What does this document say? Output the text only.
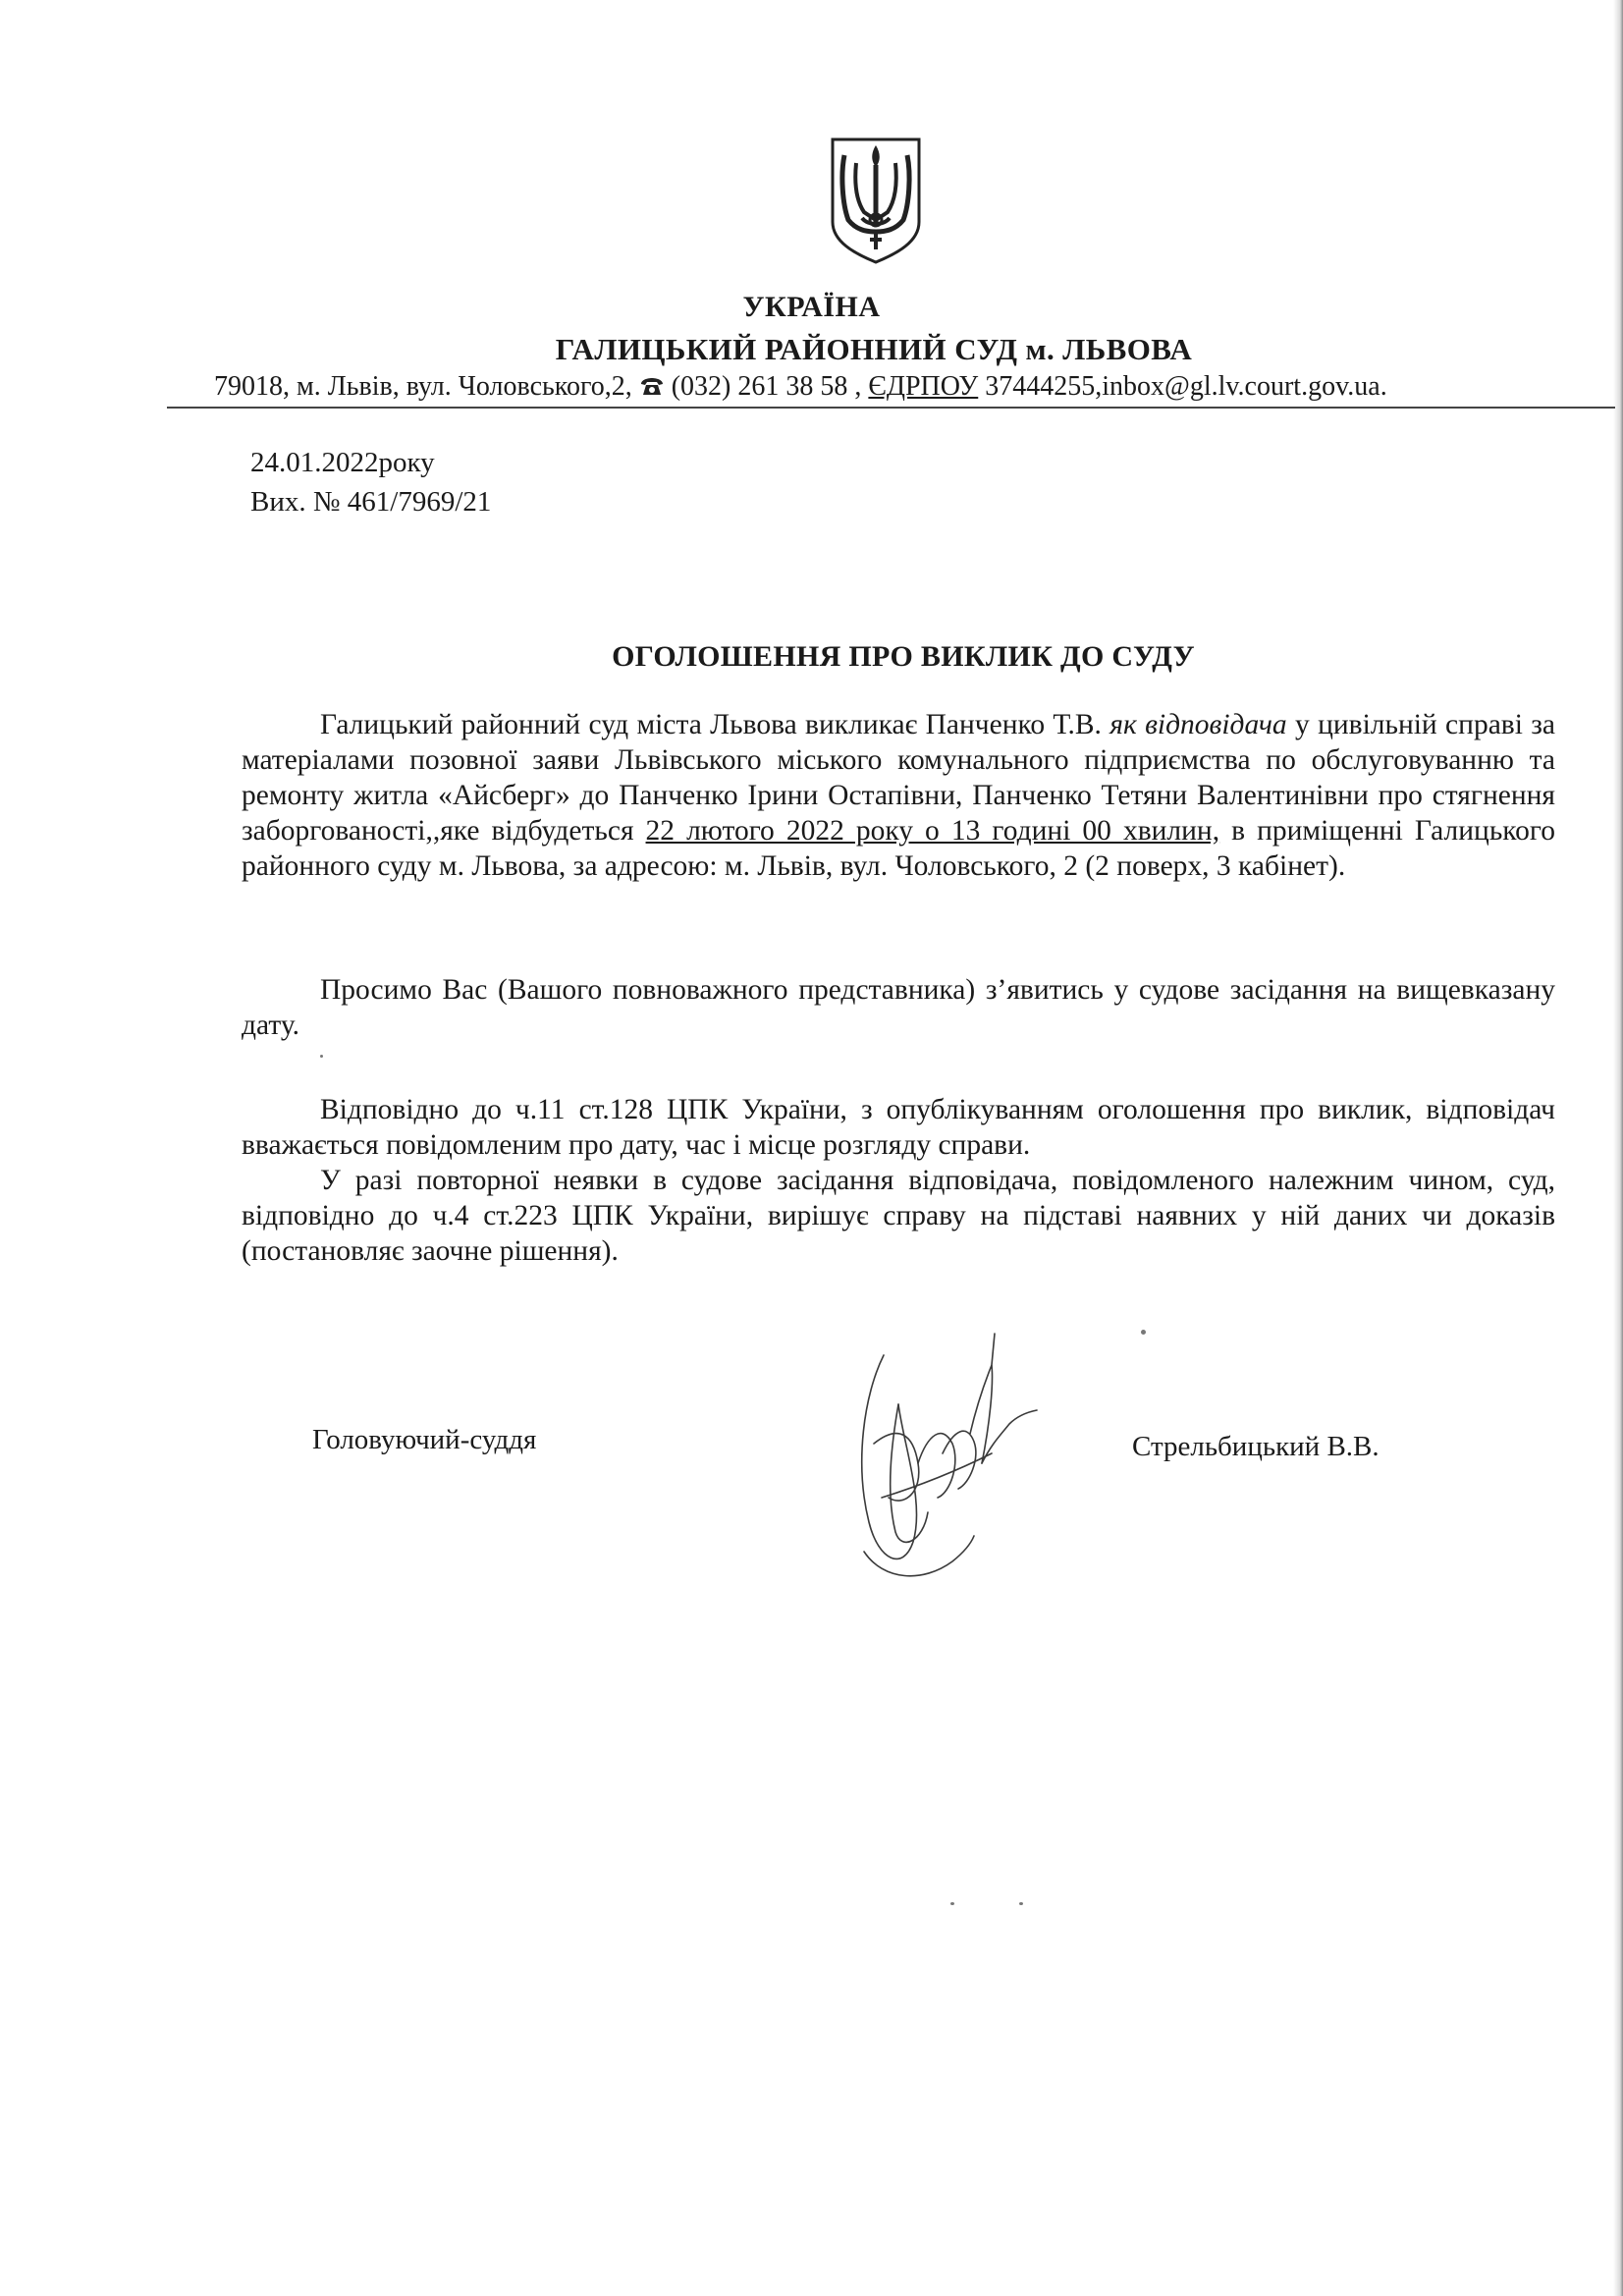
УКРАЇНА
ГАЛИЦЬКИЙ РАЙОННИЙ СУД м. ЛЬВОВА
79018, м. Львів, вул. Чоловського,2, (032) 261 38 58 , ЄДРПОУ 37444255,inbox@gl.lv.court.gov.ua.
24.01.2022року
Вих. № 461/7969/21
ОГОЛОШЕННЯ ПРО ВИКЛИК ДО СУДУ

Галицький районний суд міста Львова викликає Панченко Т.В. як відповідача у цивільній справі за матеріалами позовної заяви Львівського міського комунального підприємства по обслуговуванню та ремонту житла «Айсберг» до Панченко Ірини Остапівни, Панченко Тетяни Валентинівни про стягнення заборгованості,,яке відбудеться 22 лютого 2022 року о 13 годині 00 хвилин, в приміщенні Галицького районного суду м. Львова, за адресою: м. Львів, вул. Чоловського, 2 (2 поверх, 3 кабінет).

Просимо Вас (Вашого повноважного представника) з’явитись у судове засідання на вищевказану дату.

Відповідно до ч.11 ст.128 ЦПК України, з опублікуванням оголошення про виклик, відповідач вважається повідомленим про дату, час і місце розгляду справи.

У разі повторної неявки в судове засідання відповідача, повідомленого належним чином, суд, відповідно до ч.4 ст.223 ЦПК України, вирішує справу на підставі наявних у ній даних чи доказів (постановляє заочне рішення).

Головуючий-суддя	Стрельбицький В.В.
